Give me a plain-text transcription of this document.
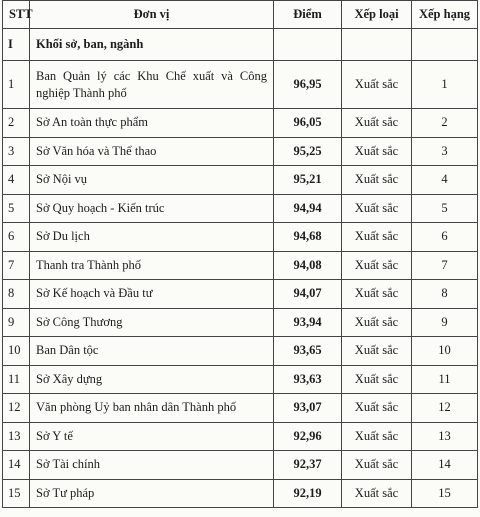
STT	Đơn vị	Điểm	Xếp loại	Xếp hạng
I	Khối sở, ban, ngành			
1	Ban Quản lý các Khu Chế xuất và Công nghiệp Thành phố	96,95	Xuất sắc	1
2	Sở An toàn thực phẩm	96,05	Xuất sắc	2
3	Sở Văn hóa và Thể thao	95,25	Xuất sắc	3
4	Sở Nội vụ	95,21	Xuất sắc	4
5	Sở Quy hoạch - Kiến trúc	94,94	Xuất sắc	5
6	Sở Du lịch	94,68	Xuất sắc	6
7	Thanh tra Thành phố	94,08	Xuất sắc	7
8	Sở Kế hoạch và Đầu tư	94,07	Xuất sắc	8
9	Sở Công Thương	93,94	Xuất sắc	9
10	Ban Dân tộc	93,65	Xuất sắc	10
11	Sở Xây dựng	93,63	Xuất sắc	11
12	Văn phòng Uỷ ban nhân dân Thành phố	93,07	Xuất sắc	12
13	Sở Y tế	92,96	Xuất sắc	13
14	Sở Tài chính	92,37	Xuất sắc	14
15	Sở Tư pháp	92,19	Xuất sắc	15
